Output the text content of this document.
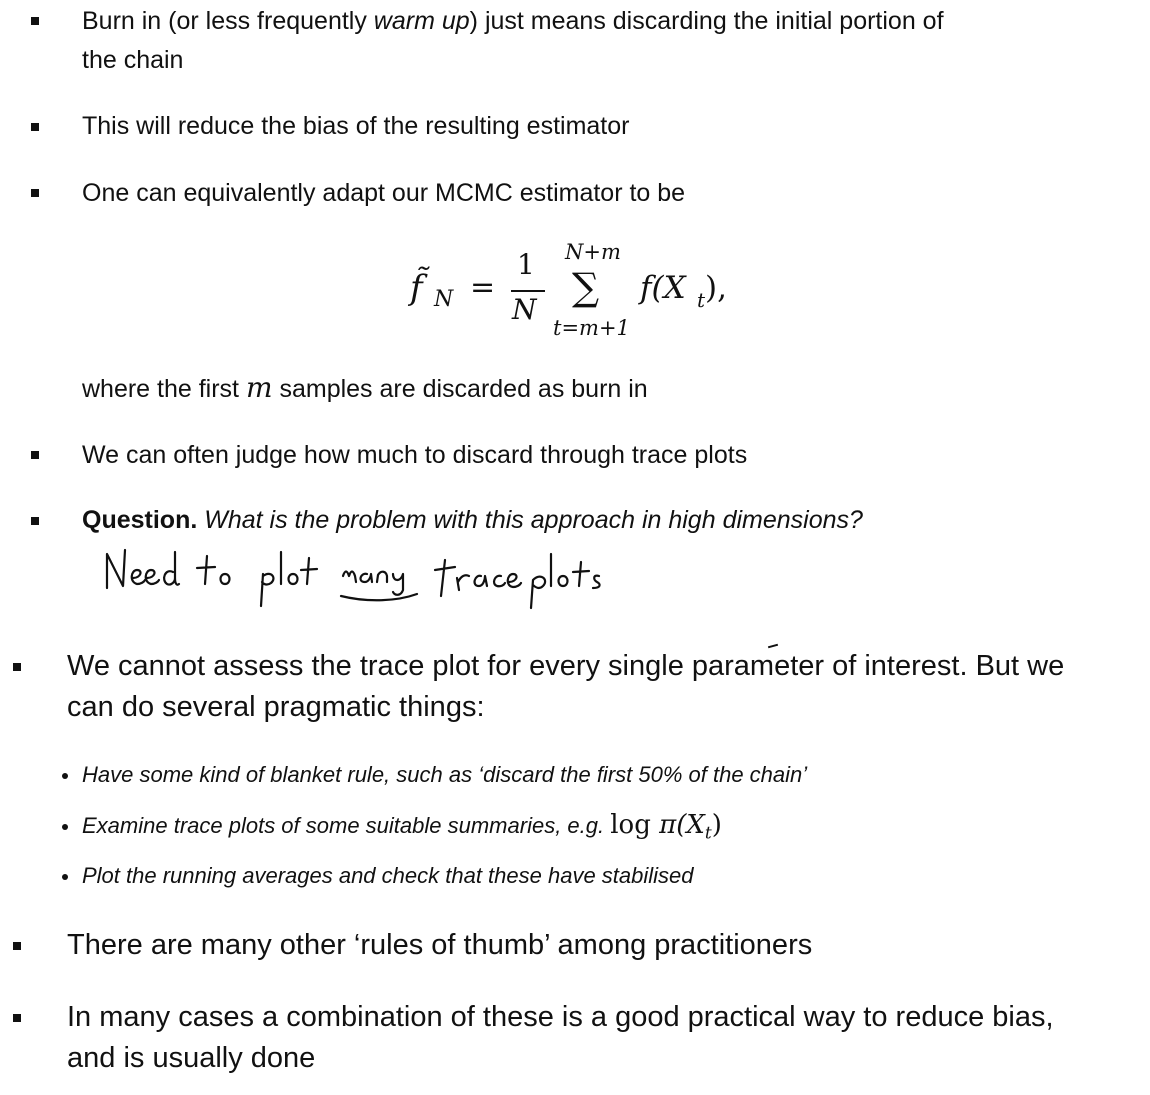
Burn in (or less frequently warm up) just means discarding the initial portion of
the chain
This will reduce the bias of the resulting estimator
One can equivalently adapt our MCMC estimator to be
f̃ N =
1
N
N+m
∑
t=m+1
f(X t ),
where the first m samples are discarded as burn in
We can often judge how much to discard through trace plots
Question. What is the problem with this approach in high dimensions?
We cannot assess the trace plot for every single parameter of interest. But we
can do several pragmatic things:
Have some kind of blanket rule, such as ‘discard the first 50% of the chain’
Examine trace plots of some suitable summaries, e.g. $\log \pi(X_t)$
Plot the running averages and check that these have stabilised
There are many other ‘rules of thumb’ among practitioners
In many cases a combination of these is a good practical way to reduce bias,
and is usually done
